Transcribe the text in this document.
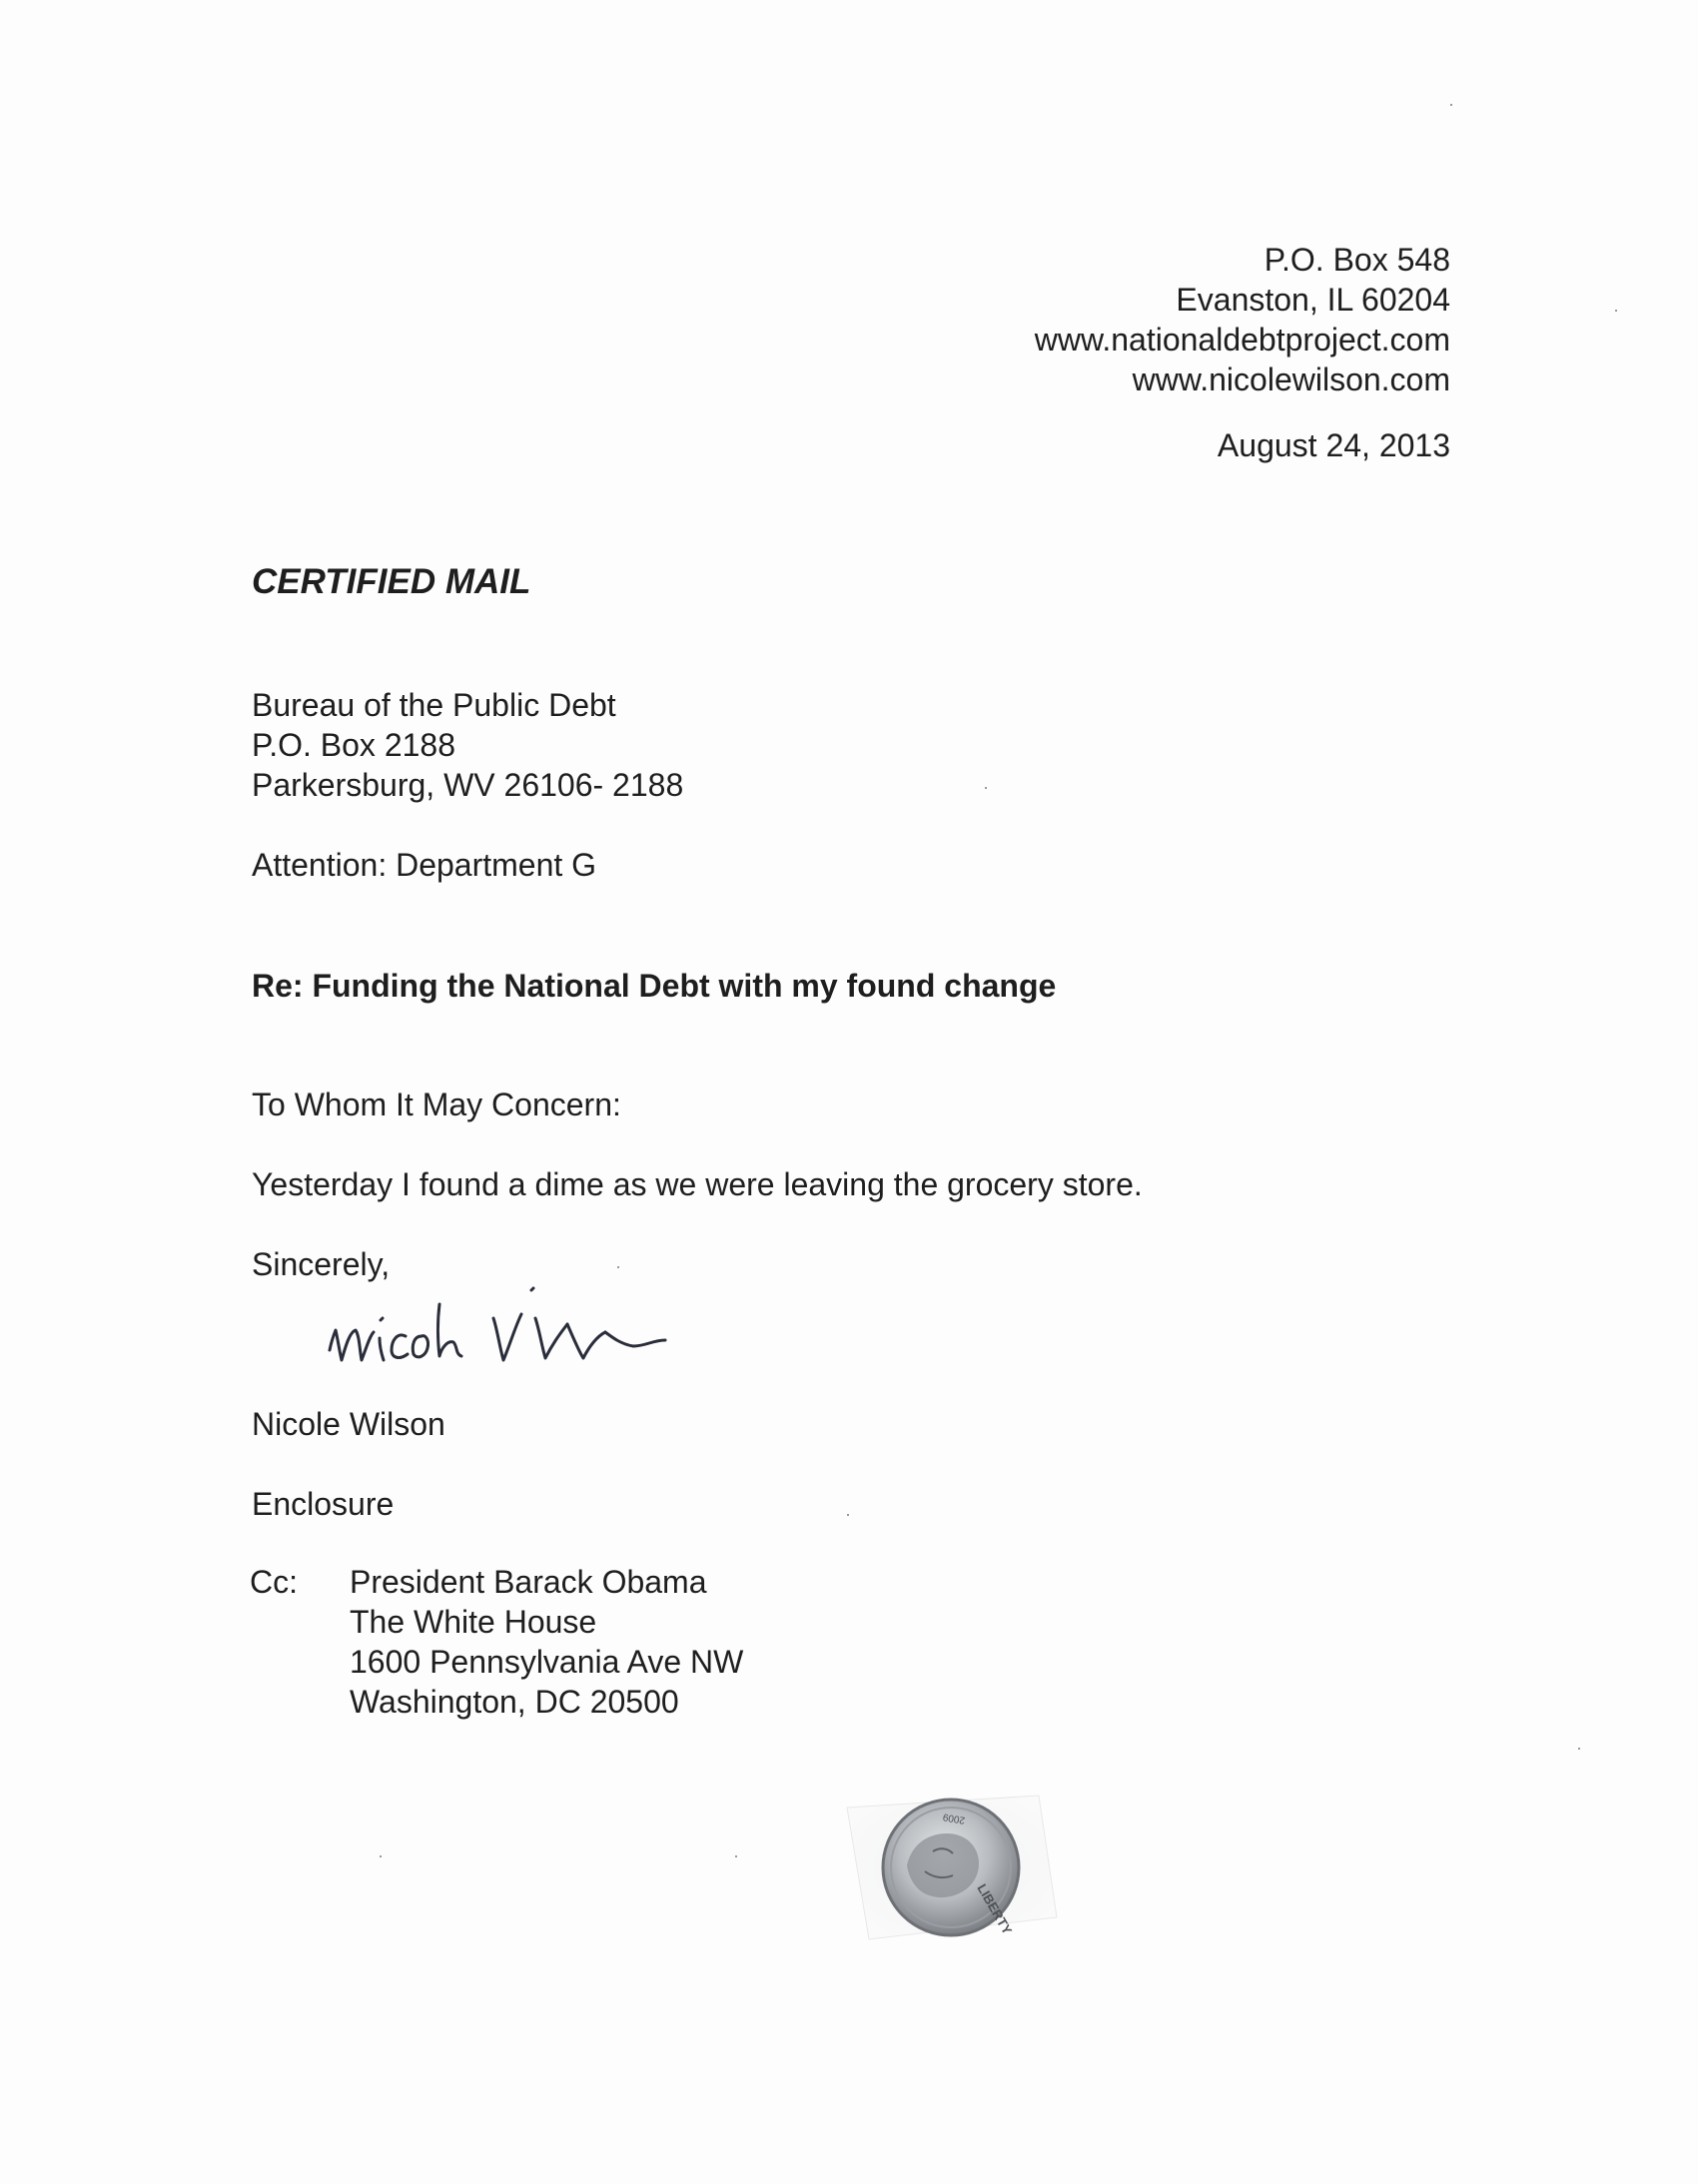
P.O. Box 548
Evanston, IL 60204
www.nationaldebtproject.com
www.nicolewilson.com
August 24, 2013
CERTIFIED MAIL
Bureau of the Public Debt
P.O. Box 2188
Parkersburg, WV 26106- 2188
Attention: Department G
Re: Funding the National Debt with my found change
To Whom It May Concern:
Yesterday I found a dime as we were leaving the grocery store.
Sincerely,
Nicole Wilson
Enclosure
Cc: President Barack Obama
The White House
1600 Pennsylvania Ave NW
Washington, DC 20500
LIBERTY
2009
